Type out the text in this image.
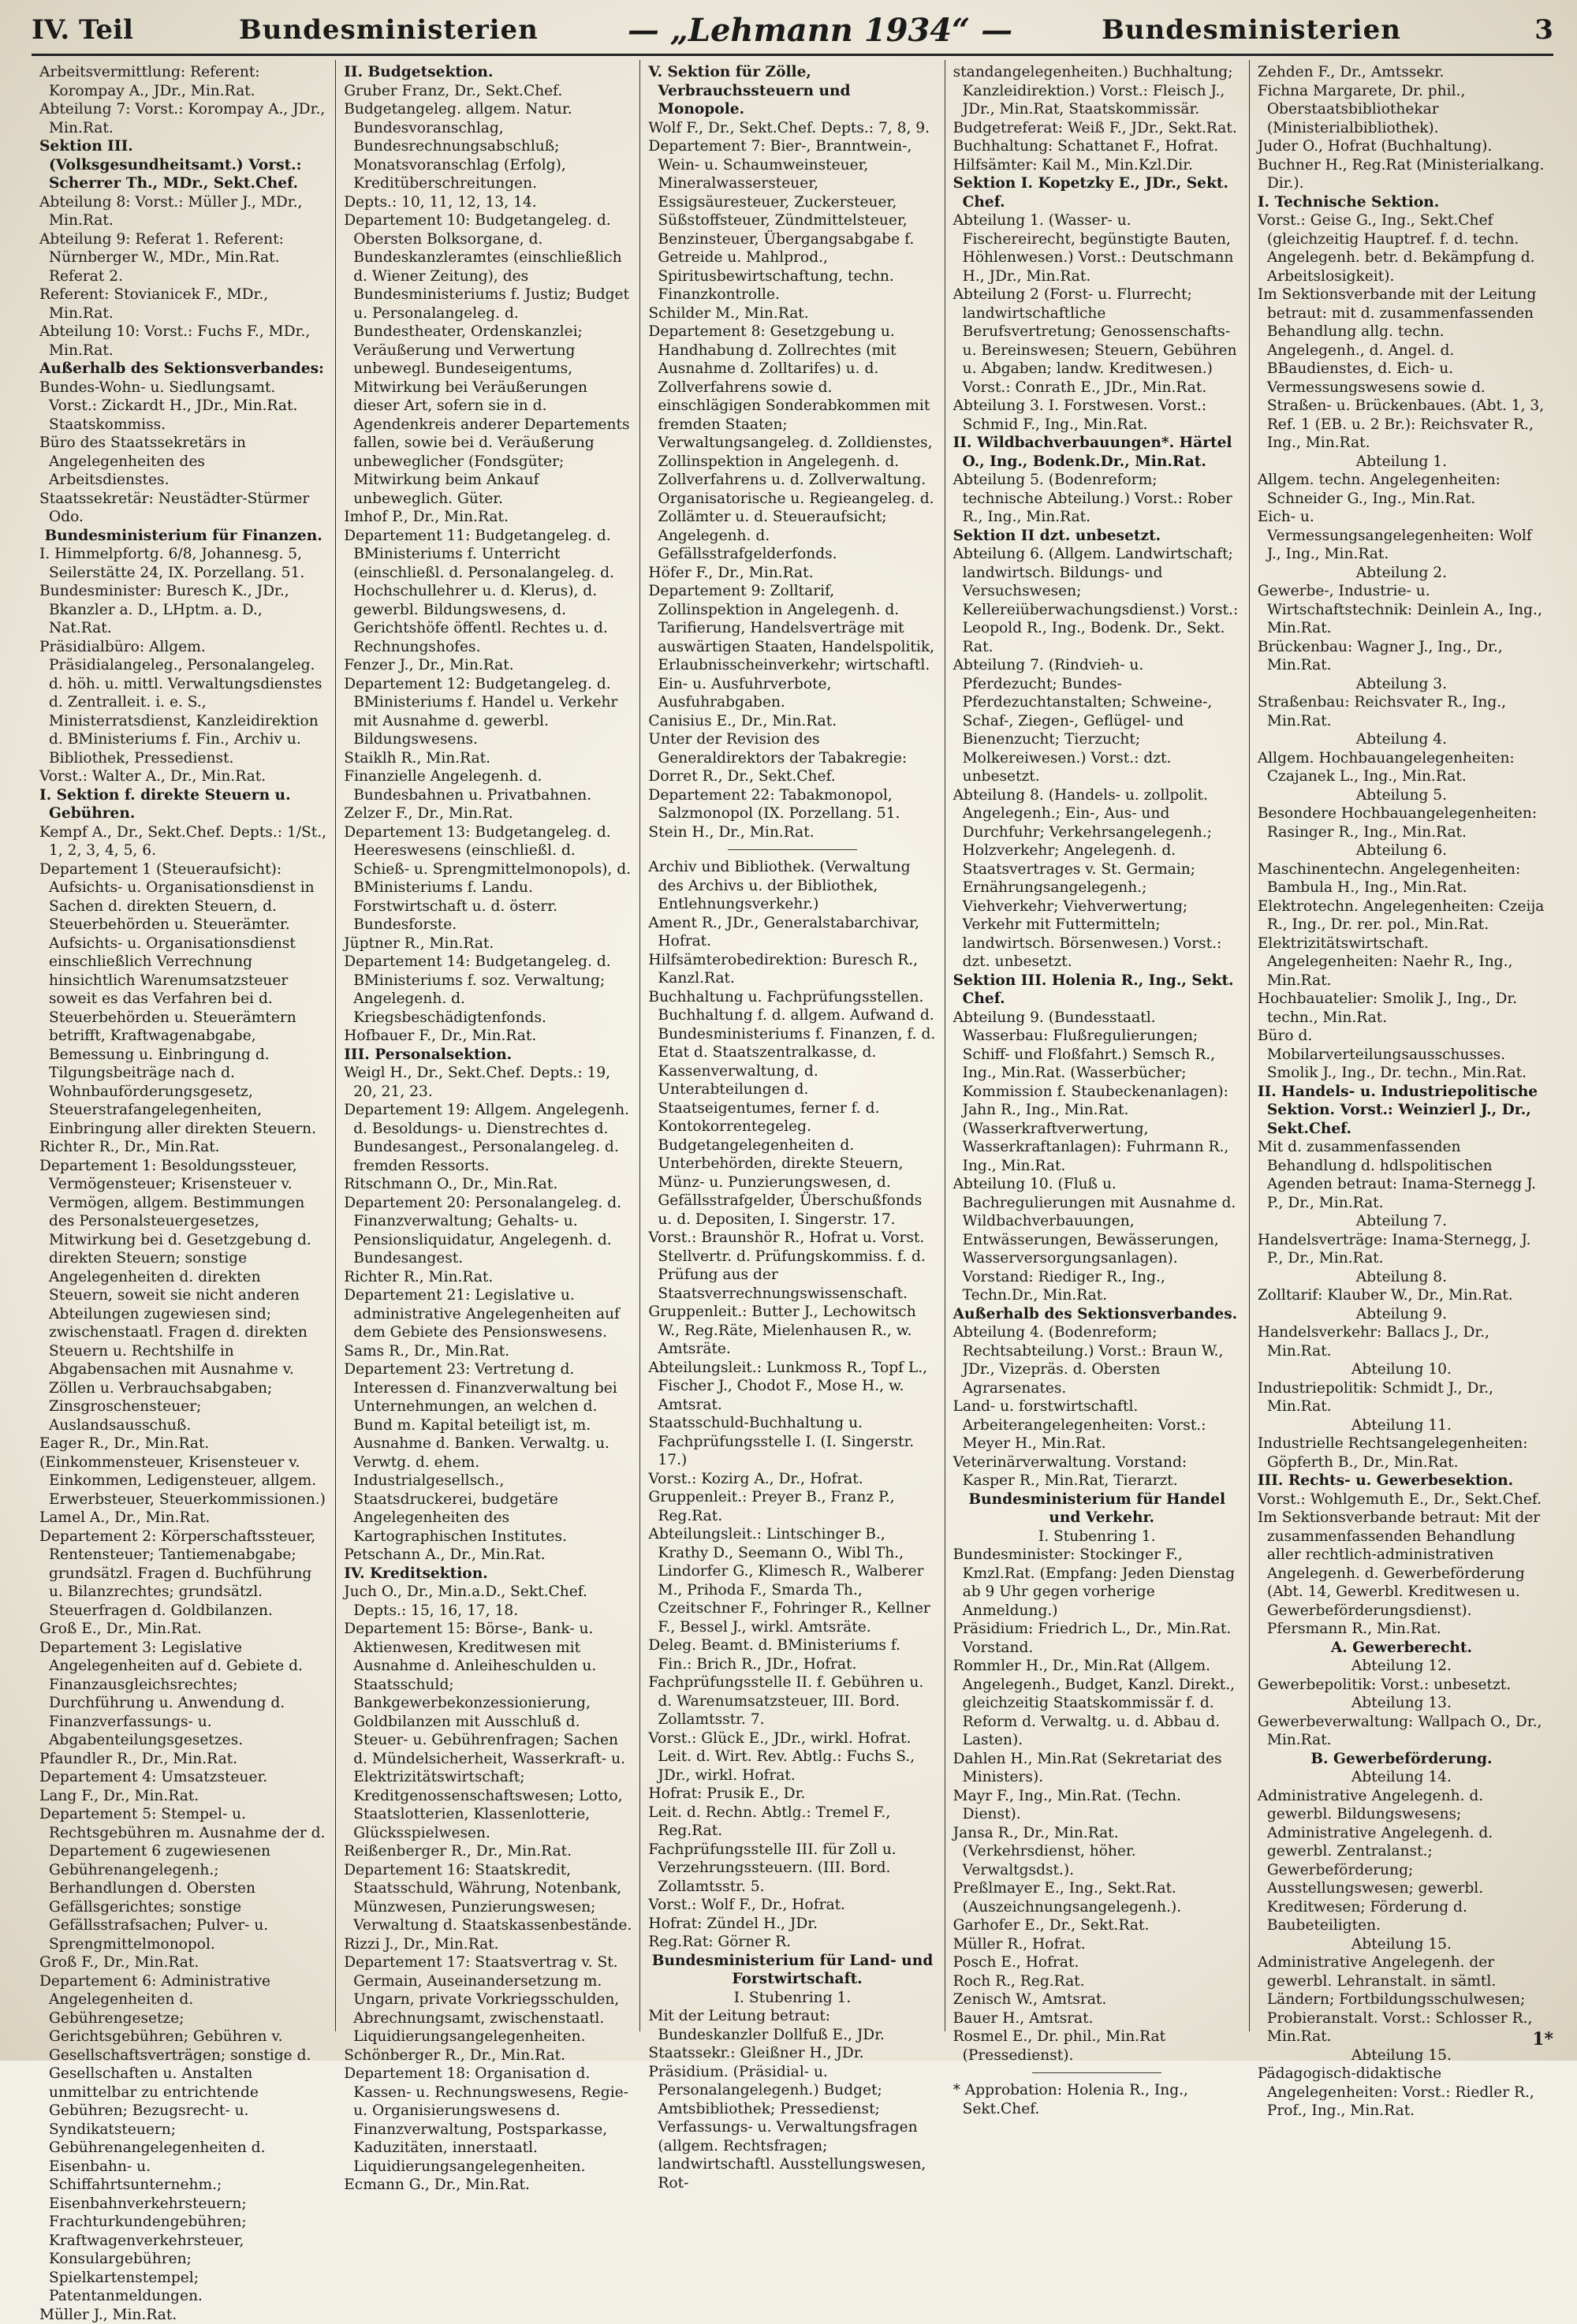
IV. Teil	Bundesministerien	— „Lehmann 1934“ —	Bundesministerien	3

Arbeitsvermittlung: Referent: Korompay A., JDr., Min.Rat.

Abteilung 7: Vorst.: Korompay A., JDr., Min.Rat.

Sektion III. (Volksgesundheitsamt.) Vorst.: Scherrer Th., MDr., Sekt.Chef.

Abteilung 8: Vorst.: Müller J., MDr., Min.Rat.

Abteilung 9: Referat 1. Referent: Nürnberger W., MDr., Min.Rat. Referat 2.

Referent: Stovianicek F., MDr., Min.Rat.

Abteilung 10: Vorst.: Fuchs F., MDr., Min.Rat.

Außerhalb des Sektionsverbandes:

Bundes-Wohn- u. Siedlungsamt. Vorst.: Zickardt H., JDr., Min.Rat. Staatskommiss.

Büro des Staatssekretärs in Angelegenheiten des Arbeitsdienstes.

Staatssekretär: Neustädter-Stürmer Odo.

Bundesministerium für Finanzen.

I. Himmelpfortg. 6/8, Johannesg. 5, Seilerstätte 24, IX. Porzellang. 51.

Bundesminister: Buresch K., JDr., Bkanzler a. D., LHptm. a. D., Nat.Rat.

Präsidialbüro: Allgem. Präsidialangeleg., Personalangeleg. d. höh. u. mittl. Verwaltungsdienstes d. Zentralleit. i. e. S., Ministerratsdienst, Kanzleidirektion d. BMinisteriums f. Fin., Archiv u. Bibliothek, Pressedienst.

Vorst.: Walter A., Dr., Min.Rat.

I. Sektion f. direkte Steuern u. Gebühren.

Kempf A., Dr., Sekt.Chef. Depts.: 1/St., 1, 2, 3, 4, 5, 6.

Departement 1 (Steueraufsicht): Aufsichts- u. Organisationsdienst in Sachen d. direkten Steuern, d. Steuerbehörden u. Steuerämter. Aufsichts- u. Organisationsdienst einschließlich Verrechnung hinsichtlich Warenumsatzsteuer soweit es das Verfahren bei d. Steuerbehörden u. Steuerämtern betrifft, Kraftwagenabgabe, Bemessung u. Einbringung d. Tilgungsbeiträge nach d. Wohnbauförderungsgesetz, Steuerstrafangelegenheiten, Einbringung aller direkten Steuern.

Richter R., Dr., Min.Rat.

Departement 1: Besoldungssteuer, Vermögensteuer; Krisensteuer v. Vermögen, allgem. Bestimmungen des Personalsteuergesetzes, Mitwirkung bei d. Gesetzgebung d. direkten Steuern; sonstige Angelegenheiten d. direkten Steuern, soweit sie nicht anderen Abteilungen zugewiesen sind; zwischenstaatl. Fragen d. direkten Steuern u. Rechtshilfe in Abgabensachen mit Ausnahme v. Zöllen u. Verbrauchsabgaben; Zinsgroschensteuer; Auslandsausschuß.

Eager R., Dr., Min.Rat.

(Einkommensteuer, Krisensteuer v. Einkommen, Ledigensteuer, allgem. Erwerbsteuer, Steuerkommissionen.)

Lamel A., Dr., Min.Rat.

Departement 2: Körperschaftssteuer, Rentensteuer; Tantiemenabgabe; grundsätzl. Fragen d. Buchführung u. Bilanzrechtes; grundsätzl. Steuerfragen d. Goldbilanzen.

Groß E., Dr., Min.Rat.

Departement 3: Legislative Angelegenheiten auf d. Gebiete d. Finanzausgleichsrechtes; Durchführung u. Anwendung d. Finanzverfassungs- u. Abgabenteilungsgesetzes.

Pfaundler R., Dr., Min.Rat.

Departement 4: Umsatzsteuer.

Lang F., Dr., Min.Rat.

Departement 5: Stempel- u. Rechtsgebühren m. Ausnahme der d. Departement 6 zugewiesenen Gebührenangelegenh.; Berhandlungen d. Obersten Gefällsgerichtes; sonstige Gefällsstrafsachen; Pulver- u. Sprengmittelmonopol.

Groß F., Dr., Min.Rat.

Departement 6: Administrative Angelegenheiten d. Gebührengesetze; Gerichtsgebühren; Gebühren v. Gesellschaftsverträgen; sonstige d. Gesellschaften u. Anstalten unmittelbar zu entrichtende Gebühren; Bezugsrecht- u. Syndikatsteuern; Gebührenangelegenheiten d. Eisenbahn- u. Schiffahrtsunternehm.; Eisenbahnverkehrsteuern; Frachturkundengebühren; Kraftwagenverkehrsteuer, Konsulargebühren; Spielkartenstempel; Patentanmeldungen.

Müller J., Min.Rat.

II. Budgetsektion.

Gruber Franz, Dr., Sekt.Chef.

Budgetangeleg. allgem. Natur. Bundesvoranschlag, Bundesrechnungsabschluß; Monatsvoranschlag (Erfolg), Kreditüberschreitungen.

Depts.: 10, 11, 12, 13, 14.

Departement 10: Budgetangeleg. d. Obersten Bolksorgane, d. Bundeskanzleramtes (einschließlich d. Wiener Zeitung), des Bundesministeriums f. Justiz; Budget u. Personalangeleg. d. Bundestheater, Ordenskanzlei; Veräußerung und Verwertung unbewegl. Bundeseigentums, Mitwirkung bei Veräußerungen dieser Art, sofern sie in d. Agendenkreis anderer Departements fallen, sowie bei d. Veräußerung unbeweglicher (Fondsgüter; Mitwirkung beim Ankauf unbeweglich. Güter.

Imhof P., Dr., Min.Rat.

Departement 11: Budgetangeleg. d. BMinisteriums f. Unterricht (einschließl. d. Personalangeleg. d. Hochschullehrer u. d. Klerus), d. gewerbl. Bildungswesens, d. Gerichtshöfe öffentl. Rechtes u. d. Rechnungshofes.

Fenzer J., Dr., Min.Rat.

Departement 12: Budgetangeleg. d. BMinisteriums f. Handel u. Verkehr mit Ausnahme d. gewerbl. Bildungswesens.

Staiklh R., Min.Rat.

Finanzielle Angelegenh. d. Bundesbahnen u. Privatbahnen.

Zelzer F., Dr., Min.Rat.

Departement 13: Budgetangeleg. d. Heereswesens (einschließl. d. Schieß- u. Sprengmittelmonopols), d. BMinisteriums f. Landu. Forstwirtschaft u. d. österr. Bundesforste.

Jüptner R., Min.Rat.

Departement 14: Budgetangeleg. d. BMinisteriums f. soz. Verwaltung; Angelegenh. d. Kriegsbeschädigtenfonds.

Hofbauer F., Dr., Min.Rat.

III. Personalsektion.

Weigl H., Dr., Sekt.Chef. Depts.: 19, 20, 21, 23.

Departement 19: Allgem. Angelegenh. d. Besoldungs- u. Dienstrechtes d. Bundesangest., Personalangeleg. d. fremden Ressorts.

Ritschmann O., Dr., Min.Rat.

Departement 20: Personalangeleg. d. Finanzverwaltung; Gehalts- u. Pensionsliquidatur, Angelegenh. d. Bundesangest.

Richter R., Min.Rat.

Departement 21: Legislative u. administrative Angelegenheiten auf dem Gebiete des Pensionswesens.

Sams R., Dr., Min.Rat.

Departement 23: Vertretung d. Interessen d. Finanzverwaltung bei Unternehmungen, an welchen d. Bund m. Kapital beteiligt ist, m. Ausnahme d. Banken. Verwaltg. u. Verwtg. d. ehem. Industrialgesellsch., Staatsdruckerei, budgetäre Angelegenheiten des Kartographischen Institutes.

Petschann A., Dr., Min.Rat.

IV. Kreditsektion.

Juch O., Dr., Min.a.D., Sekt.Chef. Depts.: 15, 16, 17, 18.

Departement 15: Börse-, Bank- u. Aktienwesen, Kreditwesen mit Ausnahme d. Anleiheschulden u. Staatsschuld; Bankgewerbekonzessionierung, Goldbilanzen mit Ausschluß d. Steuer- u. Gebührenfragen; Sachen d. Mündelsicherheit, Wasserkraft- u. Elektrizitätswirtschaft; Kreditgenossenschaftswesen; Lotto, Staatslotterien, Klassenlotterie, Glücksspielwesen.

Reißenberger R., Dr., Min.Rat.

Departement 16: Staatskredit, Staatsschuld, Währung, Notenbank, Münzwesen, Punzierungswesen; Verwaltung d. Staatskassenbestände.

Rizzi J., Dr., Min.Rat.

Departement 17: Staatsvertrag v. St. Germain, Auseinandersetzung m. Ungarn, private Vorkriegsschulden, Abrechnungsamt, zwischenstaatl. Liquidierungsangelegenheiten.

Schönberger R., Dr., Min.Rat.

Departement 18: Organisation d. Kassen- u. Rechnungswesens, Regie- u. Organisierungswesens d. Finanzverwaltung, Postsparkasse, Kaduzitäten, innerstaatl. Liquidierungsangelegenheiten.

Ecmann G., Dr., Min.Rat.

V. Sektion für Zölle, Verbrauchssteuern und Monopole.

Wolf F., Dr., Sekt.Chef. Depts.: 7, 8, 9.

Departement 7: Bier-, Branntwein-, Wein- u. Schaumweinsteuer, Mineralwassersteuer, Essigsäuresteuer, Zuckersteuer, Süßstoffsteuer, Zündmittelsteuer, Benzinsteuer, Übergangsabgabe f. Getreide u. Mahlprod., Spiritusbewirtschaftung, techn. Finanzkontrolle.

Schilder M., Min.Rat.

Departement 8: Gesetzgebung u. Handhabung d. Zollrechtes (mit Ausnahme d. Zolltarifes) u. d. Zollverfahrens sowie d. einschlägigen Sonderabkommen mit fremden Staaten; Verwaltungsangeleg. d. Zolldienstes, Zollinspektion in Angelegenh. d. Zollverfahrens u. d. Zollverwaltung. Organisatorische u. Regieangeleg. d. Zollämter u. d. Steueraufsicht; Angelegenh. d. Gefällsstrafgelderfonds.

Höfer F., Dr., Min.Rat.

Departement 9: Zolltarif, Zollinspektion in Angelegenh. d. Tarifierung, Handelsverträge mit auswärtigen Staaten, Handelspolitik, Erlaubnisscheinverkehr; wirtschaftl. Ein- u. Ausfuhrverbote, Ausfuhrabgaben.

Canisius E., Dr., Min.Rat.

Unter der Revision des Generaldirektors der Tabakregie:

Dorret R., Dr., Sekt.Chef.

Departement 22: Tabakmonopol, Salzmonopol (IX. Porzellang. 51.

Stein H., Dr., Min.Rat.

Archiv und Bibliothek. (Verwaltung des Archivs u. der Bibliothek, Entlehnungsverkehr.)

Ament R., JDr., Generalstabarchivar, Hofrat.

Hilfsämterobedirektion: Buresch R., Kanzl.Rat.

Buchhaltung u. Fachprüfungsstellen. Buchhaltung f. d. allgem. Aufwand d. Bundesministeriums f. Finanzen, f. d. Etat d. Staatszentralkasse, d. Kassenverwaltung, d. Unterabteilungen d. Staatseigentumes, ferner f. d. Kontokorrentegeleg. Budgetangelegenheiten d. Unterbehörden, direkte Steuern, Münz- u. Punzierungswesen, d. Gefällsstrafgelder, Überschußfonds u. d. Depositen, I. Singerstr. 17.

Vorst.: Braunshör R., Hofrat u. Vorst. Stellvertr. d. Prüfungskommiss. f. d. Prüfung aus der Staatsverrechnungswissenschaft.

Gruppenleit.: Butter J., Lechowitsch W., Reg.Räte, Mielenhausen R., w. Amtsräte.

Abteilungsleit.: Lunkmoss R., Topf L., Fischer J., Chodot F., Mose H., w. Amtsrat.

Staatsschuld-Buchhaltung u. Fachprüfungsstelle I. (I. Singerstr. 17.)

Vorst.: Kozirg A., Dr., Hofrat.

Gruppenleit.: Preyer B., Franz P., Reg.Rat.

Abteilungsleit.: Lintschinger B., Krathy D., Seemann O., Wibl Th., Lindorfer G., Klimesch R., Walberer M., Prihoda F., Smarda Th., Czeitschner F., Fohringer R., Kellner F., Bessel J., wirkl. Amtsräte.

Deleg. Beamt. d. BMinisteriums f. Fin.: Brich R., JDr., Hofrat.

Fachprüfungsstelle II. f. Gebühren u. d. Warenumsatzsteuer, III. Bord. Zollamtsstr. 7.

Vorst.: Glück E., JDr., wirkl. Hofrat. Leit. d. Wirt. Rev. Abtlg.: Fuchs S., JDr., wirkl. Hofrat.

Hofrat: Prusik E., Dr.

Leit. d. Rechn. Abtlg.: Tremel F., Reg.Rat.

Fachprüfungsstelle III. für Zoll u. Verzehrungssteuern. (III. Bord. Zollamtsstr. 5.

Vorst.: Wolf F., Dr., Hofrat.

Hofrat: Zündel H., JDr.

Reg.Rat: Görner R.

Bundesministerium für Land- und Forstwirtschaft.

I. Stubenring 1.

Mit der Leitung betraut: Bundeskanzler Dollfuß E., JDr.

Staatssekr.: Gleißner H., JDr.

Präsidium. (Präsidial- u. Personalangelegenh.) Budget; Amtsbibliothek; Pressedienst; Verfassungs- u. Verwaltungsfragen (allgem. Rechtsfragen; landwirtschaftl. Ausstellungswesen, Rot-

standangelegenheiten.) Buchhaltung; Kanzleidirektion.) Vorst.: Fleisch J., JDr., Min.Rat, Staatskommissär.

Budgetreferat: Weiß F., JDr., Sekt.Rat.

Buchhaltung: Schattanet F., Hofrat.

Hilfsämter: Kail M., Min.Kzl.Dir.

Sektion I. Kopetzky E., JDr., Sekt. Chef.

Abteilung 1. (Wasser- u. Fischereirecht, begünstigte Bauten, Höhlenwesen.) Vorst.: Deutschmann H., JDr., Min.Rat.

Abteilung 2 (Forst- u. Flurrecht; landwirtschaftliche Berufsvertretung; Genossenschafts- u. Bereinswesen; Steuern, Gebühren u. Abgaben; landw. Kreditwesen.) Vorst.: Conrath E., JDr., Min.Rat.

Abteilung 3. I. Forstwesen. Vorst.: Schmid F., Ing., Min.Rat.

II. Wildbachverbauungen*. Härtel O., Ing., Bodenk.Dr., Min.Rat.

Abteilung 5. (Bodenreform; technische Abteilung.) Vorst.: Rober R., Ing., Min.Rat.

Sektion II dzt. unbesetzt.

Abteilung 6. (Allgem. Landwirtschaft; landwirtsch. Bildungs- und Versuchswesen; Kellereiüberwachungsdienst.) Vorst.: Leopold R., Ing., Bodenk. Dr., Sekt. Rat.

Abteilung 7. (Rindvieh- u. Pferdezucht; Bundes-Pferdezuchtanstalten; Schweine-, Schaf-, Ziegen-, Geflügel- und Bienenzucht; Tierzucht; Molkereiwesen.) Vorst.: dzt. unbesetzt.

Abteilung 8. (Handels- u. zollpolit. Angelegenh.; Ein-, Aus- und Durchfuhr; Verkehrsangelegenh.; Holzverkehr; Angelegenh. d. Staatsvertrages v. St. Germain; Ernährungsangelegenh.; Viehverkehr; Viehverwertung; Verkehr mit Futtermitteln; landwirtsch. Börsenwesen.) Vorst.: dzt. unbesetzt.

Sektion III. Holenia R., Ing., Sekt. Chef.

Abteilung 9. (Bundesstaatl. Wasserbau: Flußregulierungen; Schiff- und Floßfahrt.) Semsch R., Ing., Min.Rat. (Wasserbücher; Kommission f. Staubeckenanlagen): Jahn R., Ing., Min.Rat. (Wasserkraftverwertung, Wasserkraftanlagen): Fuhrmann R., Ing., Min.Rat.

Abteilung 10. (Fluß u. Bachregulierungen mit Ausnahme d. Wildbachverbauungen, Entwässerungen, Bewässerungen, Wasserversorgungsanlagen). Vorstand: Riediger R., Ing., Techn.Dr., Min.Rat.

Außerhalb des Sektionsverbandes.

Abteilung 4. (Bodenreform; Rechtsabteilung.) Vorst.: Braun W., JDr., Vizepräs. d. Obersten Agrarsenates.

Land- u. forstwirtschaftl. Arbeiterangelegenheiten: Vorst.: Meyer H., Min.Rat.

Veterinärverwaltung. Vorstand: Kasper R., Min.Rat, Tierarzt.

Bundesministerium für Handel und Verkehr.

I. Stubenring 1.

Bundesminister: Stockinger F., Kmzl.Rat. (Empfang: Jeden Dienstag ab 9 Uhr gegen vorherige Anmeldung.)

Präsidium: Friedrich L., Dr., Min.Rat. Vorstand.

Rommler H., Dr., Min.Rat (Allgem. Angelegenh., Budget, Kanzl. Direkt., gleichzeitig Staatskommissär f. d. Reform d. Verwaltg. u. d. Abbau d. Lasten).

Dahlen H., Min.Rat (Sekretariat des Ministers).

Mayr F., Ing., Min.Rat. (Techn. Dienst).

Jansa R., Dr., Min.Rat. (Verkehrsdienst, höher. Verwaltgsdst.).

Preßlmayer E., Ing., Sekt.Rat. (Auszeichnungsangelegenh.).

Garhofer E., Dr., Sekt.Rat.

Müller R., Hofrat.

Posch E., Hofrat.

Roch R., Reg.Rat.

Zenisch W., Amtsrat.

Bauer H., Amtsrat.

Rosmel E., Dr. phil., Min.Rat (Pressedienst).

* Approbation: Holenia R., Ing., Sekt.Chef.

Zehden F., Dr., Amtssekr.

Fichna Margarete, Dr. phil., Oberstaatsbibliothekar (Ministerialbibliothek).

Juder O., Hofrat (Buchhaltung).

Buchner H., Reg.Rat (Ministerialkang. Dir.).

I. Technische Sektion.

Vorst.: Geise G., Ing., Sekt.Chef (gleichzeitig Hauptref. f. d. techn. Angelegenh. betr. d. Bekämpfung d. Arbeitslosigkeit).

Im Sektionsverbande mit der Leitung betraut: mit d. zusammenfassenden Behandlung allg. techn. Angelegenh., d. Angel. d. BBaudienstes, d. Eich- u. Vermessungswesens sowie d. Straßen- u. Brückenbaues. (Abt. 1, 3, Ref. 1 (EB. u. 2 Br.): Reichsvater R., Ing., Min.Rat.

Abteilung 1.

Allgem. techn. Angelegenheiten: Schneider G., Ing., Min.Rat.

Eich- u. Vermessungsangelegenheiten: Wolf J., Ing., Min.Rat.

Abteilung 2.

Gewerbe-, Industrie- u. Wirtschaftstechnik: Deinlein A., Ing., Min.Rat.

Brückenbau: Wagner J., Ing., Dr., Min.Rat.

Abteilung 3.

Straßenbau: Reichsvater R., Ing., Min.Rat.

Abteilung 4.

Allgem. Hochbauangelegenheiten: Czajanek L., Ing., Min.Rat.

Abteilung 5.

Besondere Hochbauangelegenheiten: Rasinger R., Ing., Min.Rat.

Abteilung 6.

Maschinentechn. Angelegenheiten: Bambula H., Ing., Min.Rat.

Elektrotechn. Angelegenheiten: Czeija R., Ing., Dr. rer. pol., Min.Rat.

Elektrizitätswirtschaft. Angelegenheiten: Naehr R., Ing., Min.Rat.

Hochbauatelier: Smolik J., Ing., Dr. techn., Min.Rat.

Büro d. Mobilarverteilungsausschusses. Smolik J., Ing., Dr. techn., Min.Rat.

II. Handels- u. Industriepolitische Sektion. Vorst.: Weinzierl J., Dr., Sekt.Chef.

Mit d. zusammenfassenden Behandlung d. hdlspolitischen Agenden betraut: Inama-Sternegg J. P., Dr., Min.Rat.

Abteilung 7.

Handelsverträge: Inama-Sternegg, J. P., Dr., Min.Rat.

Abteilung 8.

Zolltarif: Klauber W., Dr., Min.Rat.

Abteilung 9.

Handelsverkehr: Ballacs J., Dr., Min.Rat.

Abteilung 10.

Industriepolitik: Schmidt J., Dr., Min.Rat.

Abteilung 11.

Industrielle Rechtsangelegenheiten: Göpferth B., Dr., Min.Rat.

III. Rechts- u. Gewerbesektion.

Vorst.: Wohlgemuth E., Dr., Sekt.Chef.

Im Sektionsverbande betraut: Mit der zusammenfassenden Behandlung aller rechtlich-administrativen Angelegenh. d. Gewerbeförderung (Abt. 14, Gewerbl. Kreditwesen u. Gewerbeförderungsdienst). Pfersmann R., Min.Rat.

A. Gewerberecht.

Abteilung 12.

Gewerbepolitik: Vorst.: unbesetzt.

Abteilung 13.

Gewerbeverwaltung: Wallpach O., Dr., Min.Rat.

B. Gewerbeförderung.

Abteilung 14.

Administrative Angelegenh. d. gewerbl. Bildungswesens; Administrative Angelegenh. d. gewerbl. Zentralanst.; Gewerbeförderung; Ausstellungswesen; gewerbl. Kreditwesen; Förderung d. Baubeteiligten.

Abteilung 15.

Administrative Angelegenh. der gewerbl. Lehranstalt. in sämtl. Ländern; Fortbildungsschulwesen; Probieranstalt. Vorst.: Schlosser R., Min.Rat.

Abteilung 15.

Pädagogisch-didaktische Angelegenheiten: Vorst.: Riedler R., Prof., Ing., Min.Rat.

1*
